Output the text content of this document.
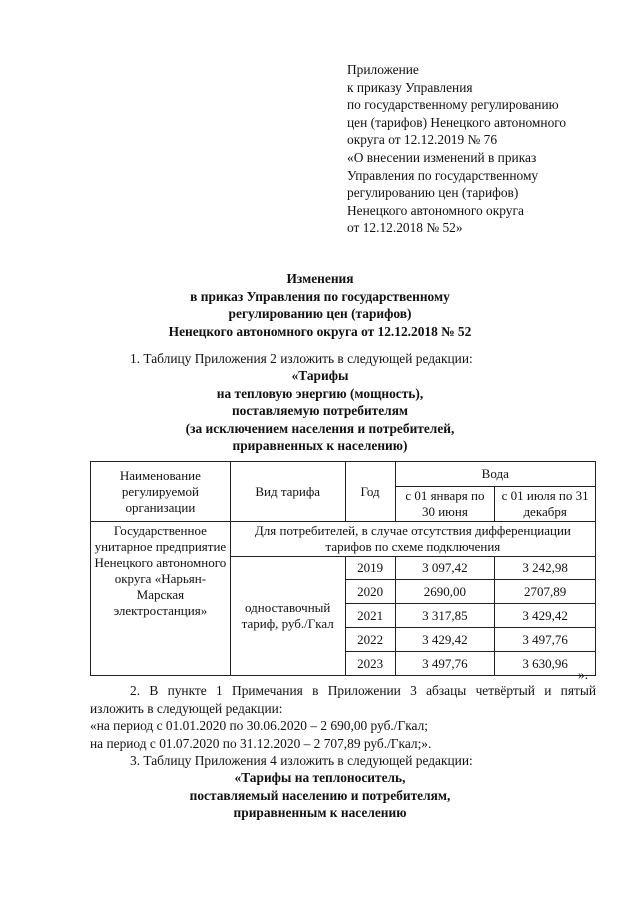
Приложение
к приказу Управления
по государственному регулированию
цен (тарифов) Ненецкого автономного
округа от 12.12.2019 № 76
«О внесении изменений в приказ
Управления по государственному
регулированию цен (тарифов)
Ненецкого автономного округа
от 12.12.2018 № 52»
Изменения
в приказ Управления по государственному
регулированию цен (тарифов)
Ненецкого автономного округа от 12.12.2018 № 52
1. Таблицу Приложения 2 изложить в следующей редакции:
«Тарифы
на тепловую энергию (мощность),
поставляемую потребителям
(за исключением населения и потребителей,
приравненных к населению)
Наименование регулируемой организации	Вид тарифа	Год	Вода	
			с 01 января по 30 июня	с 01 июля по 31 декабря
Государственное унитарное предприятие Ненецкого автономного округа «Нарьян-Марская электростанция»	Для потребителей, в случае отсутствия дифференциации тарифов по схеме подключения			
	одноставочный тариф, руб./Гкал	2019	3 097,42	3 242,98
		2020	2690,00	2707,89
		2021	3 317,85	3 429,42
		2022	3 429,42	3 497,76
		2023	3 497,76	3 630,96
».
2. В пункте 1 Примечания в Приложении 3 абзацы четвёртый и пятый
изложить в следующей редакции:
«на период с 01.01.2020 по 30.06.2020 – 2 690,00 руб./Гкал;
на период с 01.07.2020 по 31.12.2020 – 2 707,89 руб./Гкал;».
3. Таблицу Приложения 4 изложить в следующей редакции:
«Тарифы на теплоноситель,
поставляемый населению и потребителям,
приравненным к населению
